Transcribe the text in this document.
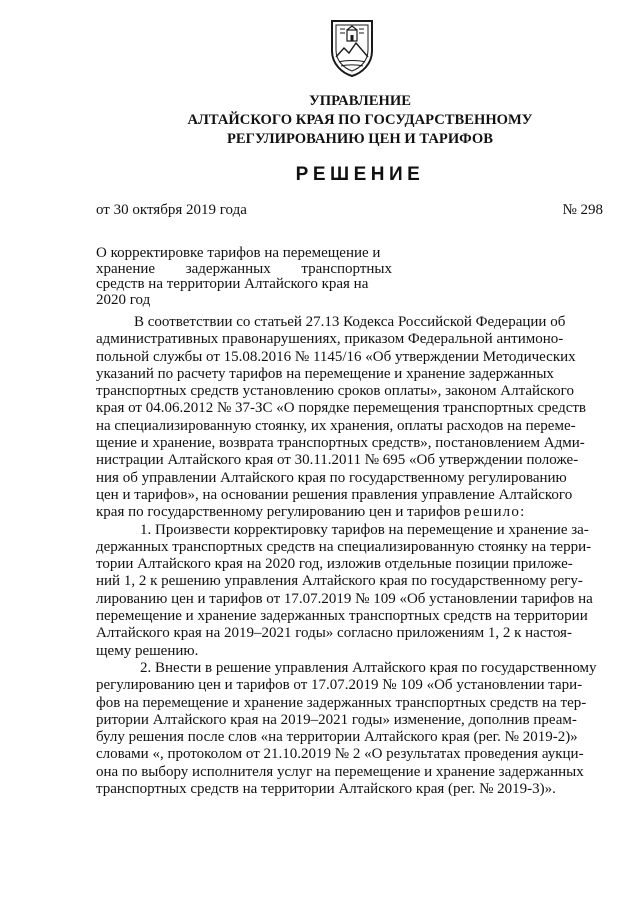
УПРАВЛЕНИЕ
АЛТАЙСКОГО КРАЯ ПО ГОСУДАРСТВЕННОМУ
РЕГУЛИРОВАНИЮ ЦЕН И ТАРИФОВ
РЕШЕНИЕ
от 30 октября 2019 года	№ 298
О корректировке тарифов на перемещение и
хранение задержанных транспортных
средств на территории Алтайского края на
2020 год
В соответствии со статьей 27.13 Кодекса Российской Федерации об
административных правонарушениях, приказом Федеральной антимоно-
польной службы от 15.08.2016 № 1145/16 «Об утверждении Методических
указаний по расчету тарифов на перемещение и хранение задержанных
транспортных средств установлению сроков оплаты», законом Алтайского
края от 04.06.2012 № 37-ЗС «О порядке перемещения транспортных средств
на специализированную стоянку, их хранения, оплаты расходов на переме-
щение и хранение, возврата транспортных средств», постановлением Адми-
нистрации Алтайского края от 30.11.2011 № 695 «Об утверждении положе-
ния об управлении Алтайского края по государственному регулированию
цен и тарифов», на основании решения правления управление Алтайского
края по государственному регулированию цен и тарифов решило:
1. Произвести корректировку тарифов на перемещение и хранение за-
держанных транспортных средств на специализированную стоянку на терри-
тории Алтайского края на 2020 год, изложив отдельные позиции приложе-
ний 1, 2 к решению управления Алтайского края по государственному регу-
лированию цен и тарифов от 17.07.2019 № 109 «Об установлении тарифов на
перемещение и хранение задержанных транспортных средств на территории
Алтайского края на 2019–2021 годы» согласно приложениям 1, 2 к настоя-
щему решению.
2. Внести в решение управления Алтайского края по государственному
регулированию цен и тарифов от 17.07.2019 № 109 «Об установлении тари-
фов на перемещение и хранение задержанных транспортных средств на тер-
ритории Алтайского края на 2019–2021 годы» изменение, дополнив преам-
булу решения после слов «на территории Алтайского края (рег. № 2019-2)»
словами «, протоколом от 21.10.2019 № 2 «О результатах проведения аукци-
она по выбору исполнителя услуг на перемещение и хранение задержанных
транспортных средств на территории Алтайского края (рег. № 2019-3)».
